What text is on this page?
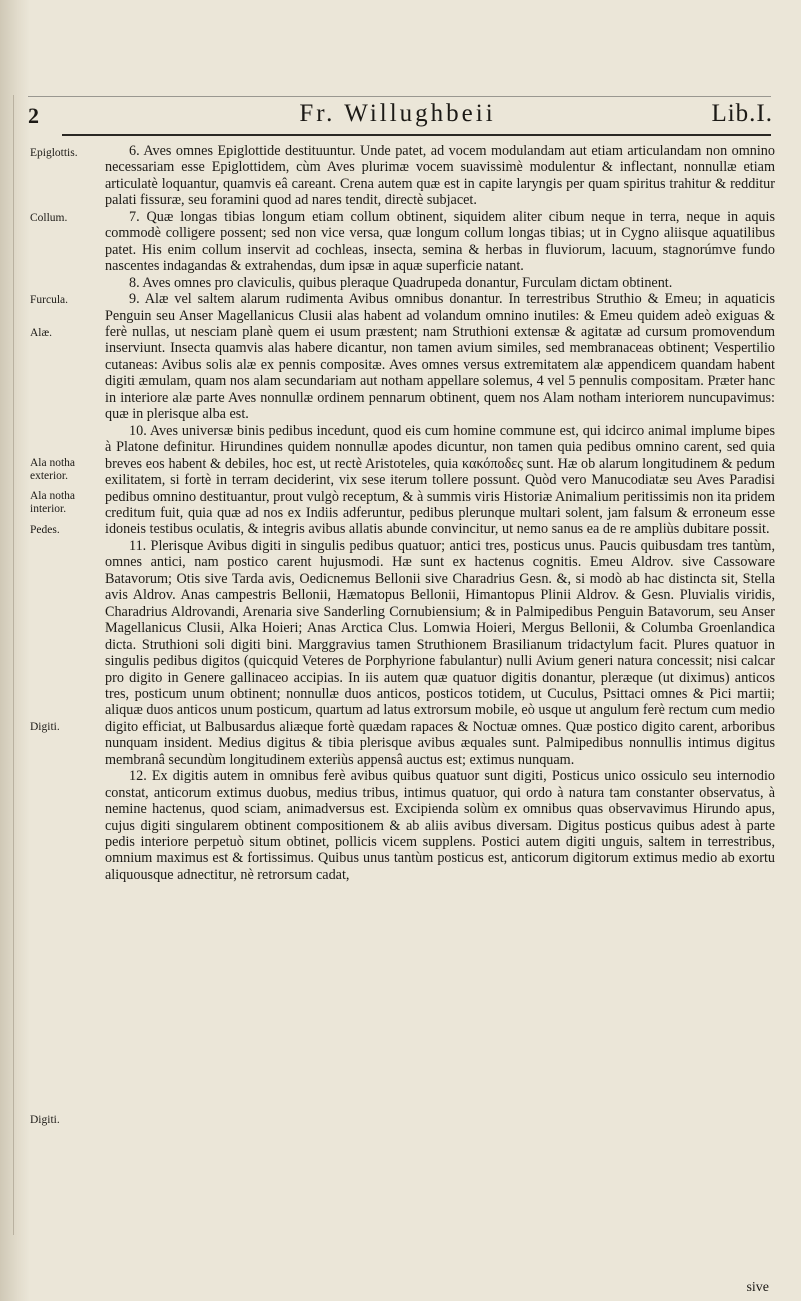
2	Fr. Willughbeii	Lib.I.
Epiglottis.
Collum.
Furcula.
Alæ.
Ala notha exterior.
Ala notha interior.
Pedes.
Digiti.
Digiti.

6. Aves omnes Epiglottide destituuntur. Unde patet, ad vocem modulandam aut etiam articulandam non omnino necessariam esse Epiglottidem, cùm Aves plurimæ vocem suavissimè modulentur & inflectant, nonnullæ etiam articulatè loquantur, quamvis eâ careant. Crena autem quæ est in capite laryngis per quam spiritus trahitur & redditur palati fissuræ, seu foramini quod ad nares tendit, directè subjacet.

7. Quæ longas tibias longum etiam collum obtinent, siquidem aliter cibum neque in terra, neque in aquis commodè colligere possent; sed non vice versa, quæ longum collum longas tibias; ut in Cygno aliisque aquatilibus patet. His enim collum inservit ad cochleas, insecta, semina & herbas in fluviorum, lacuum, stagnorúmve fundo nascentes indagandas & extrahendas, dum ipsæ in aquæ superficie natant.

8. Aves omnes pro claviculis, quibus pleraque Quadrupeda donantur, Furculam dictam obtinent.

9. Alæ vel saltem alarum rudimenta Avibus omnibus donantur. In terrestribus Struthio & Emeu; in aquaticis Penguin seu Anser Magellanicus Clusii alas habent ad volandum omnino inutiles: & Emeu quidem adeò exiguas & ferè nullas, ut nesciam planè quem ei usum præstent; nam Struthioni extensæ & agitatæ ad cursum promovendum inserviunt. Insecta quamvis alas habere dicantur, non tamen avium similes, sed membranaceas obtinent; Vespertilio cutaneas: Avibus solis alæ ex pennis compositæ. Aves omnes versus extremitatem alæ appendicem quandam habent digiti æmulam, quam nos alam secundariam aut notham appellare solemus, 4 vel 5 pennulis compositam. Præter hanc in interiore alæ parte Aves nonnullæ ordinem pennarum obtinent, quem nos Alam notham interiorem nuncupavimus: quæ in plerisque alba est.

10. Aves universæ binis pedibus incedunt, quod eis cum homine commune est, qui idcirco animal implume bipes à Platone definitur. Hirundines quidem nonnullæ apodes dicuntur, non tamen quia pedibus omnino carent, sed quia breves eos habent & debiles, hoc est, ut rectè Aristoteles, quia κακόποδες sunt. Hæ ob alarum longitudinem & pedum exilitatem, si fortè in terram deciderint, vix sese iterum tollere possunt. Quòd vero Manucodiatæ seu Aves Paradisi pedibus omnino destituantur, prout vulgò receptum, & à summis viris Historiæ Animalium peritissimis non ita pridem creditum fuit, quia quæ ad nos ex Indiis adferuntur, pedibus plerunque multari solent, jam falsum & erroneum esse idoneis testibus oculatis, & integris avibus allatis abunde convincitur, ut nemo sanus ea de re ampliùs dubitare possit.

11. Plerisque Avibus digiti in singulis pedibus quatuor; antici tres, posticus unus. Paucis quibusdam tres tantùm, omnes antici, nam postico carent hujusmodi. Hæ sunt ex hactenus cognitis. Emeu Aldrov. sive Cassoware Batavorum; Otis sive Tarda avis, Oedicnemus Bellonii sive Charadrius Gesn. &, si modò ab hac distincta sit, Stella avis Aldrov. Anas campestris Bellonii, Hæmatopus Bellonii, Himantopus Plinii Aldrov. & Gesn. Pluvialis viridis, Charadrius Aldrovandi, Arenaria sive Sanderling Cornubiensium; & in Palmipedibus Penguin Batavorum, seu Anser Magellanicus Clusii, Alka Hoieri; Anas Arctica Clus. Lomwia Hoieri, Mergus Bellonii, & Columba Groenlandica dicta. Struthioni soli digiti bini. Marggravius tamen Struthionem Brasilianum tridactylum facit. Plures quatuor in singulis pedibus digitos (quicquid Veteres de Porphyrione fabulantur) nulli Avium generi natura concessit; nisi calcar pro digito in Genere gallinaceo accipias. In iis autem quæ quatuor digitis donantur, pleræque (ut diximus) anticos tres, posticum unum obtinent; nonnullæ duos anticos, posticos totidem, ut Cuculus, Psittaci omnes & Pici martii; aliquæ duos anticos unum posticum, quartum ad latus extrorsum mobile, eò usque ut angulum ferè rectum cum medio digito efficiat, ut Balbusardus aliæque fortè quædam rapaces & Noctuæ omnes. Quæ postico digito carent, arboribus nunquam insident. Medius digitus & tibia plerisque avibus æquales sunt. Palmipedibus nonnullis intimus digitus membranâ secundùm longitudinem exteriùs appensâ auctus est; extimus nunquam.

12. Ex digitis autem in omnibus ferè avibus quibus quatuor sunt digiti, Posticus unico ossiculo seu internodio constat, anticorum extimus duobus, medius tribus, intimus quatuor, qui ordo à natura tam constanter observatus, à nemine hactenus, quod sciam, animadversus est. Excipienda solùm ex omnibus quas observavimus Hirundo apus, cujus digiti singularem obtinent compositionem & ab aliis avibus diversam. Digitus posticus quibus adest à parte pedis interiore perpetuò situm obtinet, pollicis vicem supplens. Postici autem digiti unguis, saltem in terrestribus, omnium maximus est & fortissimus. Quibus unus tantùm posticus est, anticorum digitorum extimus medio ab exortu aliquousque adnectitur, nè retrorsum cadat,

sive
